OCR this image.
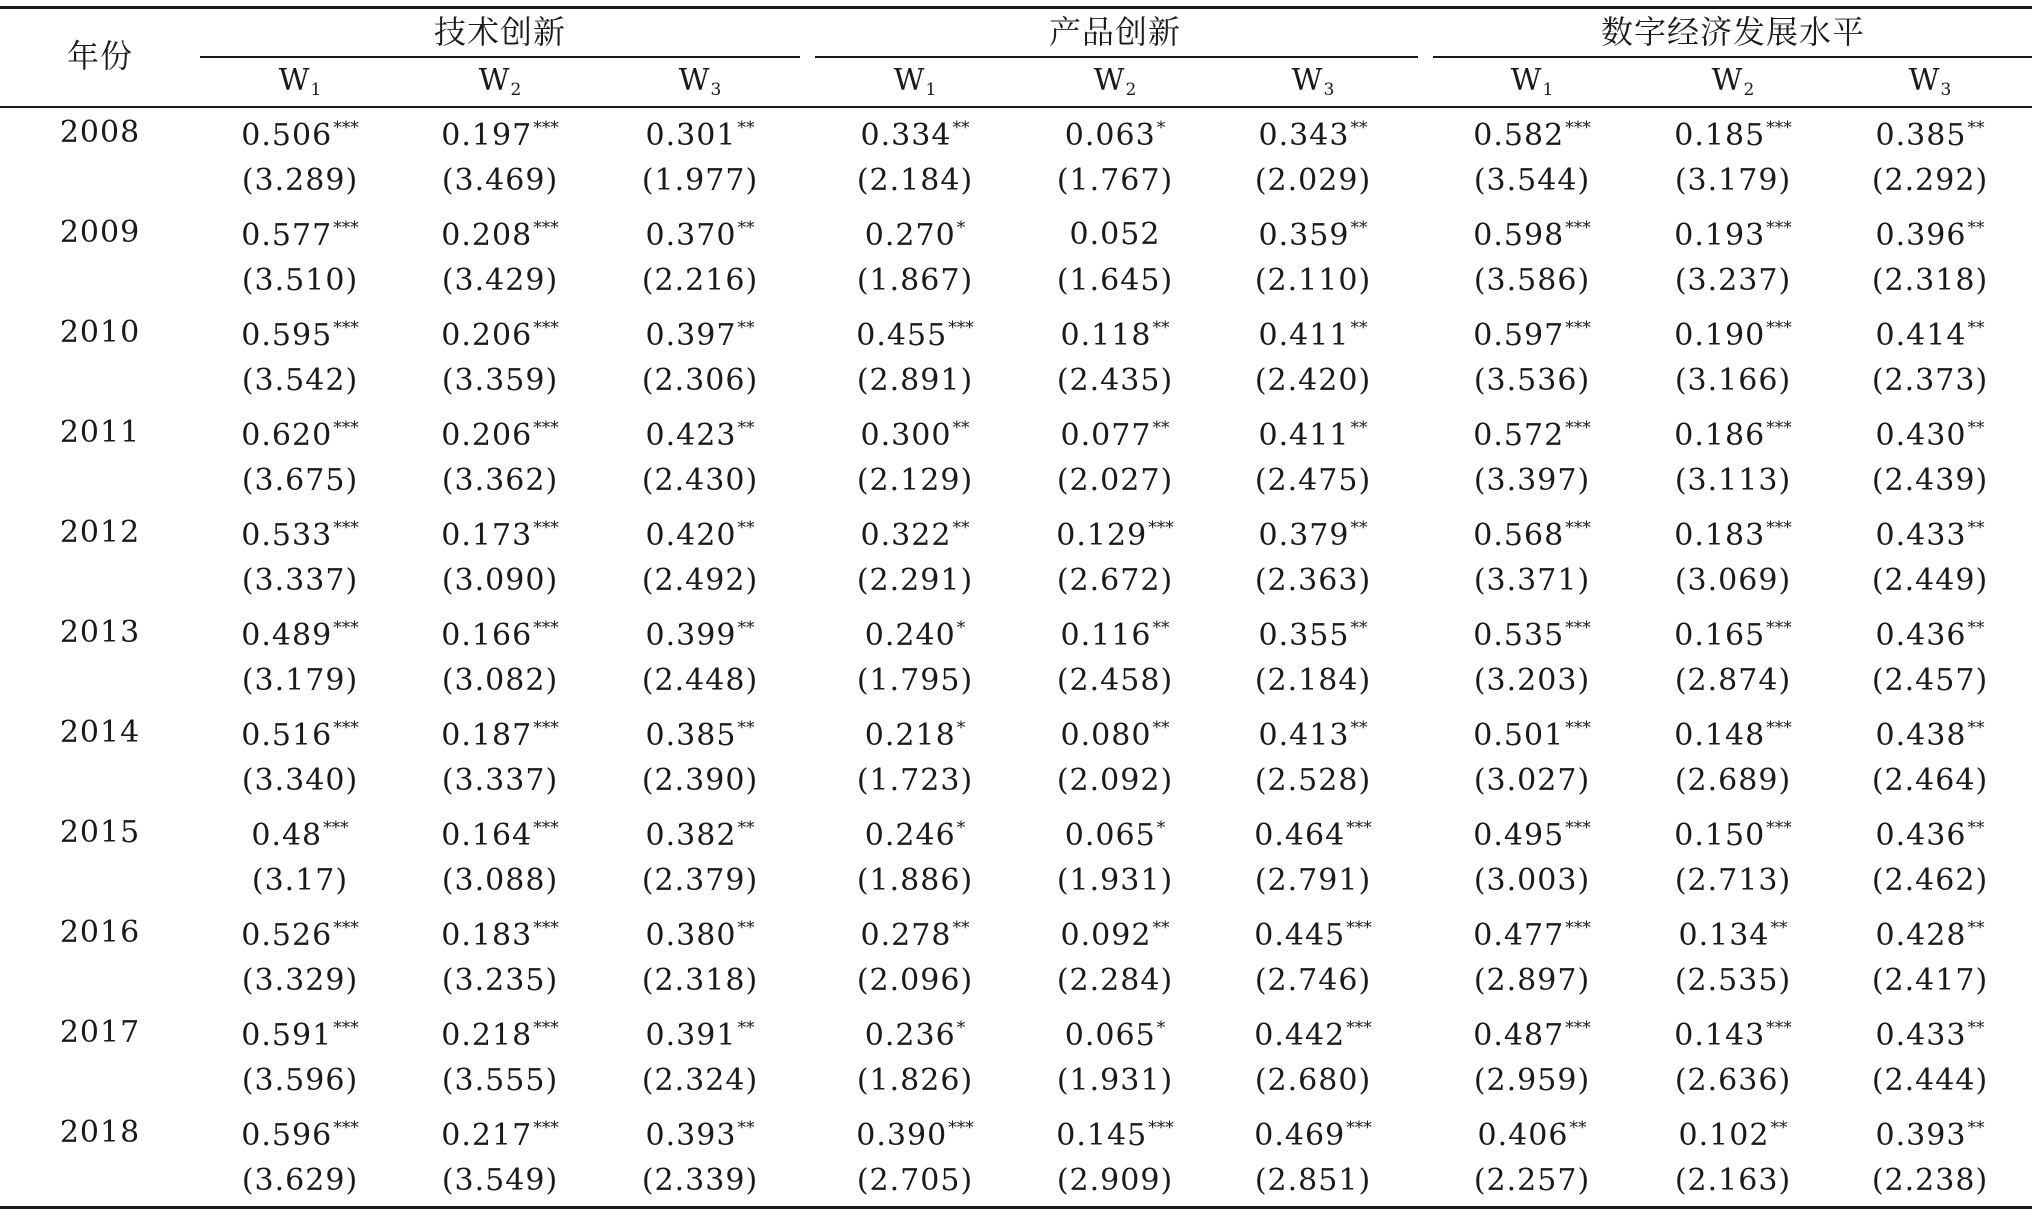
年份
技术创新
$W_1$	$W_2$	$W_3$
产品创新
$W_1$	$W_2$	$W_3$
数字经济发展水平
$W_1$	$W_2$	$W_3$
2008	0.506***	0.197***	0.301**	0.334**	0.063*	0.343**	0.582***	0.185***	0.385**
(3.289)	(3.469)	(1.977)	(2.184)	(1.767)	(2.029)	(3.544)	(3.179)	(2.292)
2009	0.577***	0.208***	0.370**	0.270*	0.052	0.359**	0.598***	0.193***	0.396**
(3.510)	(3.429)	(2.216)	(1.867)	(1.645)	(2.110)	(3.586)	(3.237)	(2.318)
2010	0.595***	0.206***	0.397**	0.455***	0.118**	0.411**	0.597***	0.190***	0.414**
(3.542)	(3.359)	(2.306)	(2.891)	(2.435)	(2.420)	(3.536)	(3.166)	(2.373)
2011	0.620***	0.206***	0.423**	0.300**	0.077**	0.411**	0.572***	0.186***	0.430**
(3.675)	(3.362)	(2.430)	(2.129)	(2.027)	(2.475)	(3.397)	(3.113)	(2.439)
2012	0.533***	0.173***	0.420**	0.322**	0.129***	0.379**	0.568***	0.183***	0.433**
(3.337)	(3.090)	(2.492)	(2.291)	(2.672)	(2.363)	(3.371)	(3.069)	(2.449)
2013	0.489***	0.166***	0.399**	0.240*	0.116**	0.355**	0.535***	0.165***	0.436**
(3.179)	(3.082)	(2.448)	(1.795)	(2.458)	(2.184)	(3.203)	(2.874)	(2.457)
2014	0.516***	0.187***	0.385**	0.218*	0.080**	0.413**	0.501***	0.148***	0.438**
(3.340)	(3.337)	(2.390)	(1.723)	(2.092)	(2.528)	(3.027)	(2.689)	(2.464)
2015	0.48***	0.164***	0.382**	0.246*	0.065*	0.464***	0.495***	0.150***	0.436**
(3.17)	(3.088)	(2.379)	(1.886)	(1.931)	(2.791)	(3.003)	(2.713)	(2.462)
2016	0.526***	0.183***	0.380**	0.278**	0.092**	0.445***	0.477***	0.134**	0.428**
(3.329)	(3.235)	(2.318)	(2.096)	(2.284)	(2.746)	(2.897)	(2.535)	(2.417)
2017	0.591***	0.218***	0.391**	0.236*	0.065*	0.442***	0.487***	0.143***	0.433**
(3.596)	(3.555)	(2.324)	(1.826)	(1.931)	(2.680)	(2.959)	(2.636)	(2.444)
2018	0.596***	0.217***	0.393**	0.390***	0.145***	0.469***	0.406**	0.102**	0.393**
(3.629)	(3.549)	(2.339)	(2.705)	(2.909)	(2.851)	(2.257)	(2.163)	(2.238)
